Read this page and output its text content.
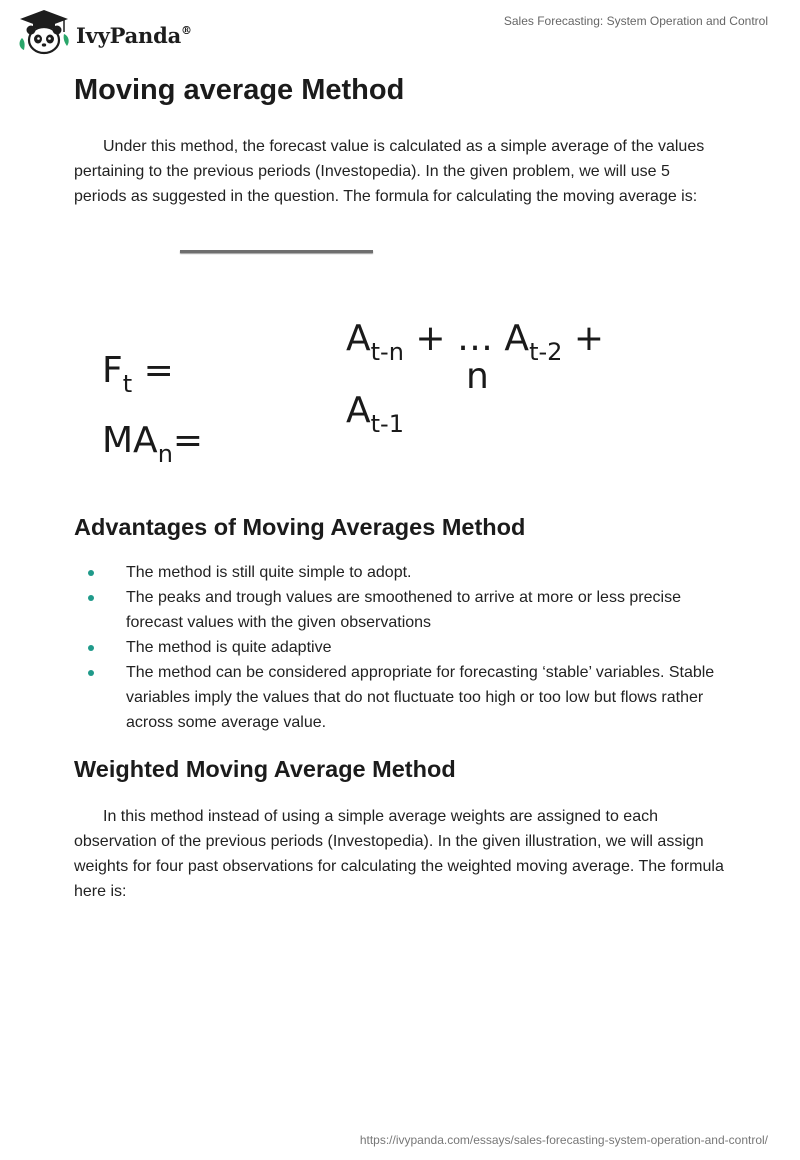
IvyPanda®
Sales Forecasting: System Operation and Control
Moving average Method

Under this method, the forecast value is calculated as a simple average of the values pertaining to the previous periods (Investopedia). In the given problem, we will use 5 periods as suggested in the question. The formula for calculating the moving average is:

$F_t$ =
$MA_n=$
$A_{t-n}$ + … $A_{t-2}$ +
n
$A_{t-1}$
Advantages of Moving Averages Method
The method is still quite simple to adopt.
The peaks and trough values are smoothened to arrive at more or less precise forecast values with the given observations
The method is quite adaptive
The method can be considered appropriate for forecasting ‘stable’ variables. Stable variables imply the values that do not fluctuate too high or too low but flows rather across some average value.
Weighted Moving Average Method

In this method instead of using a simple average weights are assigned to each observation of the previous periods (Investopedia). In the given illustration, we will assign weights for four past observations for calculating the weighted moving average. The formula here is:

https://ivypanda.com/essays/sales-forecasting-system-operation-and-control/
